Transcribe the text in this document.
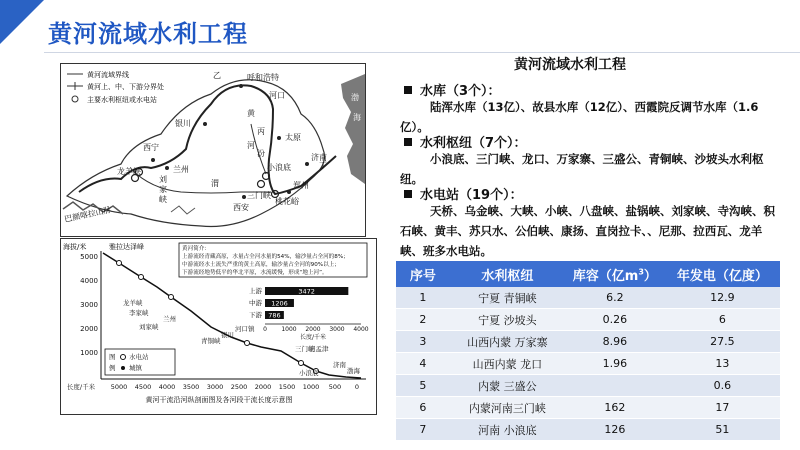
黄河流域水利工程
黄河流域界线
黄河上、中、下游分界处
主要水利枢纽或水电站
乙	呼和浩特
河口
银川
渤
海
黄
丙
太原
西宁
兰州
刘
家
峡
龙羊峡
河
汾
渭
小浪底
济南
三门峡
郑州
西安
桃花峪
巴颜喀拉山脉
丁
海拔/米	雅拉达泽峰
5000
4000
3000
2000
1000
长度/千米 5000 4500 4000 3500 3000 2500 2000 1500 1000 500 0
黄河简介：
上游流经青藏高原，水量占全河水量的54%，输沙量占全河的8%；
中游流经水土流失严重的黄土高原，输沙量占全河的90%以上；
下游流经地势低平的华北平原，水流缓慢，形成“地上河”。
上游	3472
中游 1206
下游 786
0 1000 2000 3000 4000
长度/千米
龙羊峡
李家峡
刘家峡
兰州
青铜峡
银川
河口镇
三门峡
旧孟津
小浪底
济南
渤海
图
例
水电站
城镇
黄河干流沿河纵剖面图及各河段干流长度示意图
黄河流域水利工程
水库（3个）：
陆浑水库（13亿）、故县水库（12亿）、西霞院反调节水库（1.6亿）。
水利枢纽（7个）：
小浪底、三门峡、龙口、万家寨、三盛公、青铜峡、沙坡头水利枢纽。
水电站（19个）：
天桥、乌金峡、大峡、小峡、八盘峡、盐锅峡、刘家峡、寺沟峡、积石峡、黄丰、苏只水、公伯峡、康扬、直岗拉卡、、尼那、拉西瓦、龙羊峡、班多水电站。
序号	水利枢纽	库容（亿$m^3$）	年发电（亿度）
1	宁夏 青铜峡	6.2	12.9
2	宁夏 沙坡头	0.26	6
3	山西内蒙 万家寨	8.96	27.5
4	山西内蒙 龙口	1.96	13
5	内蒙 三盛公		0.6
6	内蒙河南三门峡	162	17
7	河南 小浪底	126	51
